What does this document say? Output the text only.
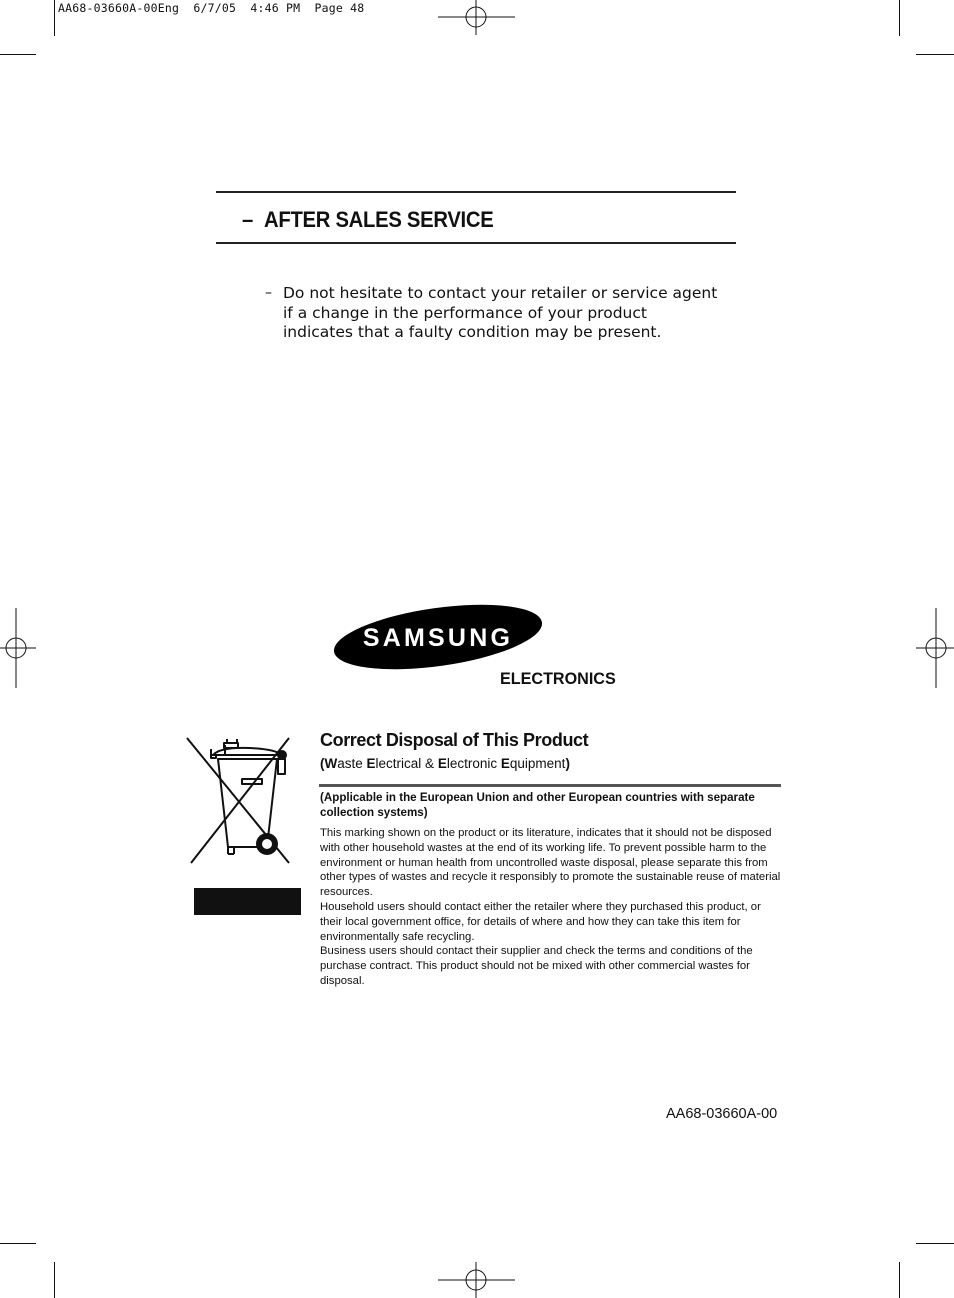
AA68-03660A-00Eng  6/7/05  4:46 PM  Page 48
– AFTER SALES SERVICE
– Do not hesitate to contact your retailer or service agent
if a change in the performance of your product
indicates that a faulty condition may be present.
SAMSUNG
ELECTRONICS
Correct Disposal of This Product
(Waste Electrical & Electronic Equipment)
(Applicable in the European Union and other European countries with separate collection systems)

This marking shown on the product or its literature, indicates that it should not be disposed with other household wastes at the end of its working life. To prevent possible harm to the environment or human health from uncontrolled waste disposal, please separate this from other types of wastes and recycle it responsibly to promote the sustainable reuse of material resources.

Household users should contact either the retailer where they purchased this product, or their local government office, for details of where and how they can take this item for environmentally safe recycling.

Business users should contact their supplier and check the terms and conditions of the purchase contract. This product should not be mixed with other commercial wastes for disposal.

AA68-03660A-00
